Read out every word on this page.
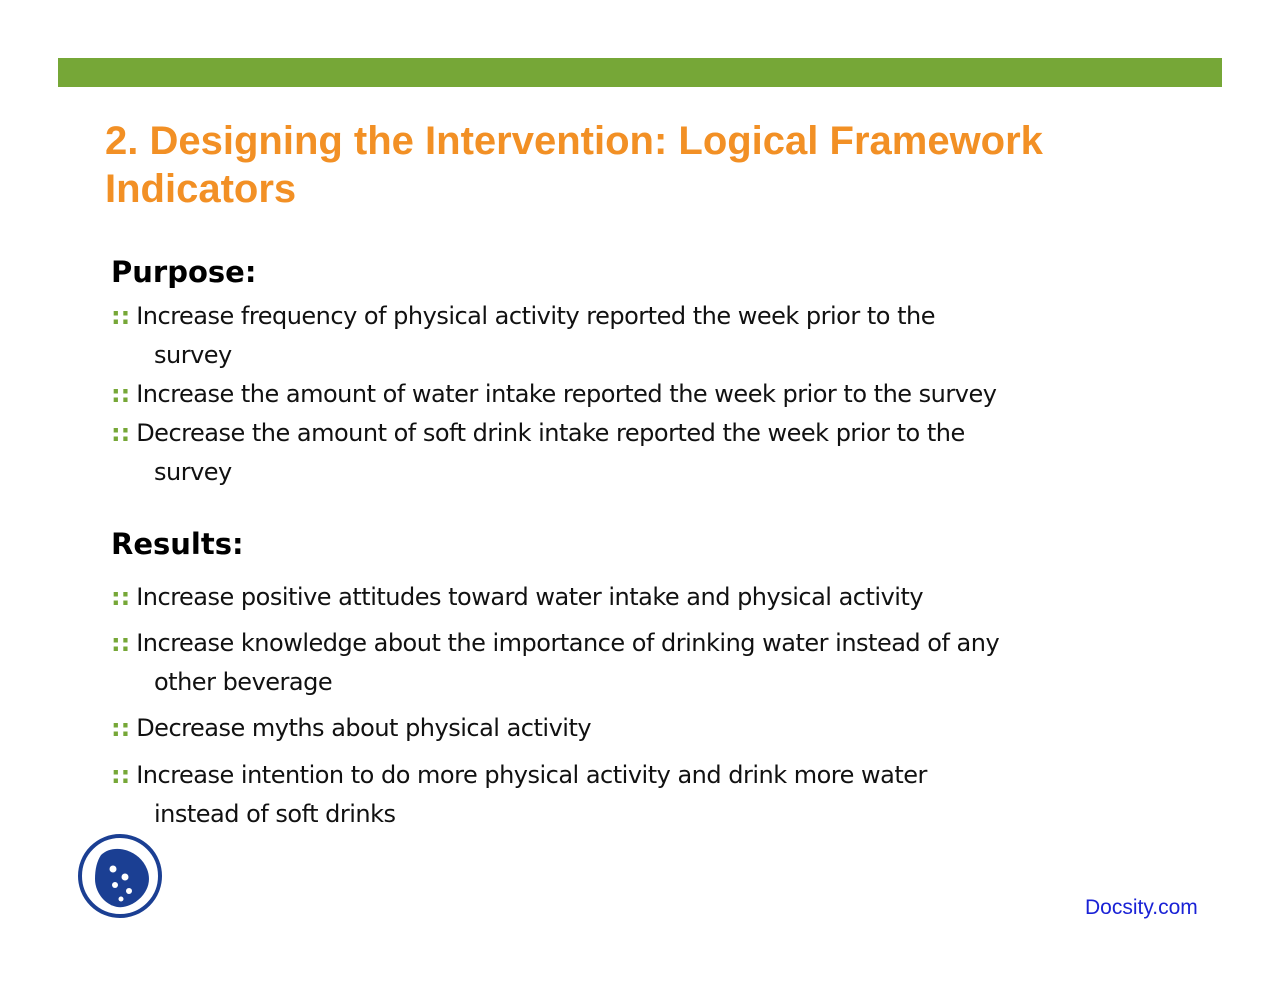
2. Designing the Intervention: Logical Framework Indicators
Purpose:

:: Increase frequency of physical activity reported the week prior to the
survey

:: Increase the amount of water intake reported the week prior to the survey

:: Decrease the amount of soft drink intake reported the week prior to the
survey

Results:

:: Increase positive attitudes toward water intake and physical activity

:: Increase knowledge about the importance of drinking water instead of any
other beverage

:: Decrease myths about physical activity

:: Increase intention to do more physical activity and drink more water
instead of soft drinks

Docsity.com
